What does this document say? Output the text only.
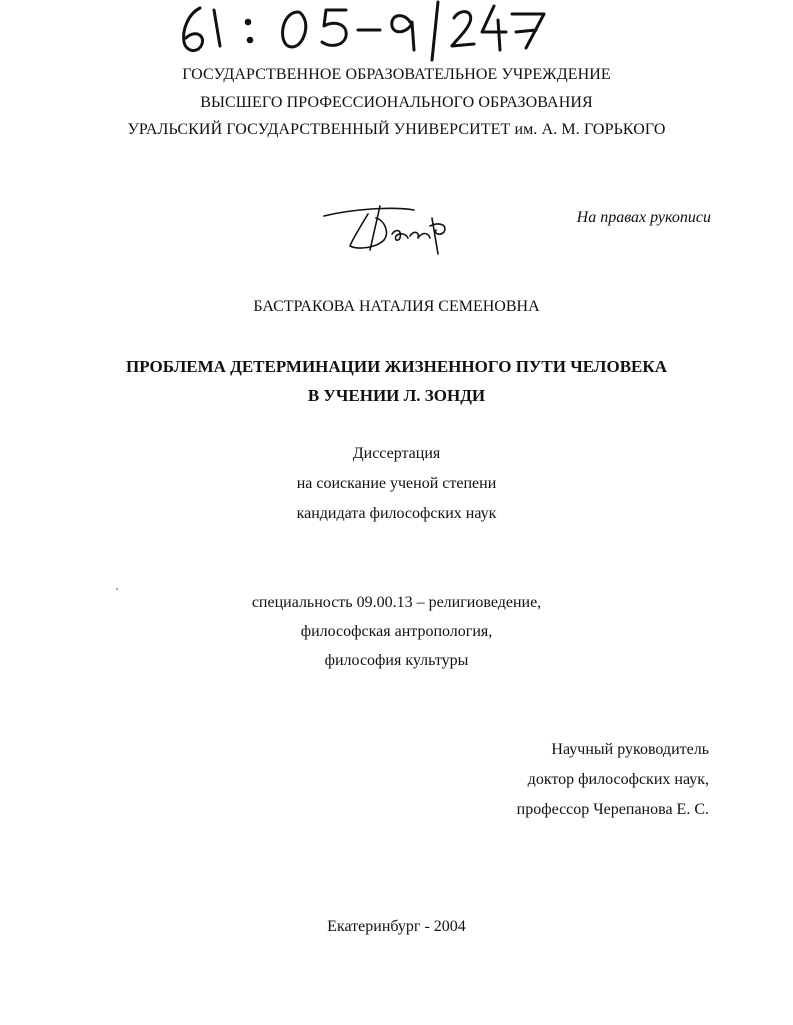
ГОСУДАРСТВЕННОЕ ОБРАЗОВАТЕЛЬНОЕ УЧРЕЖДЕНИЕ
ВЫСШЕГО ПРОФЕССИОНАЛЬНОГО ОБРАЗОВАНИЯ
УРАЛЬСКИЙ ГОСУДАРСТВЕННЫЙ УНИВЕРСИТЕТ им. А. М. ГОРЬКОГО
На правах рукописи
БАСТРАКОВА НАТАЛИЯ СЕМЕНОВНА
ПРОБЛЕМА ДЕТЕРМИНАЦИИ ЖИЗНЕННОГО ПУТИ ЧЕЛОВЕКА
В УЧЕНИИ Л. ЗОНДИ
Диссертация
на соискание ученой степени
кандидата философских наук
специальность 09.00.13 – религиоведение,
философская антропология,
философия культуры
Научный руководитель
доктор философских наук,
профессор Черепанова Е. С.
Екатеринбург - 2004
